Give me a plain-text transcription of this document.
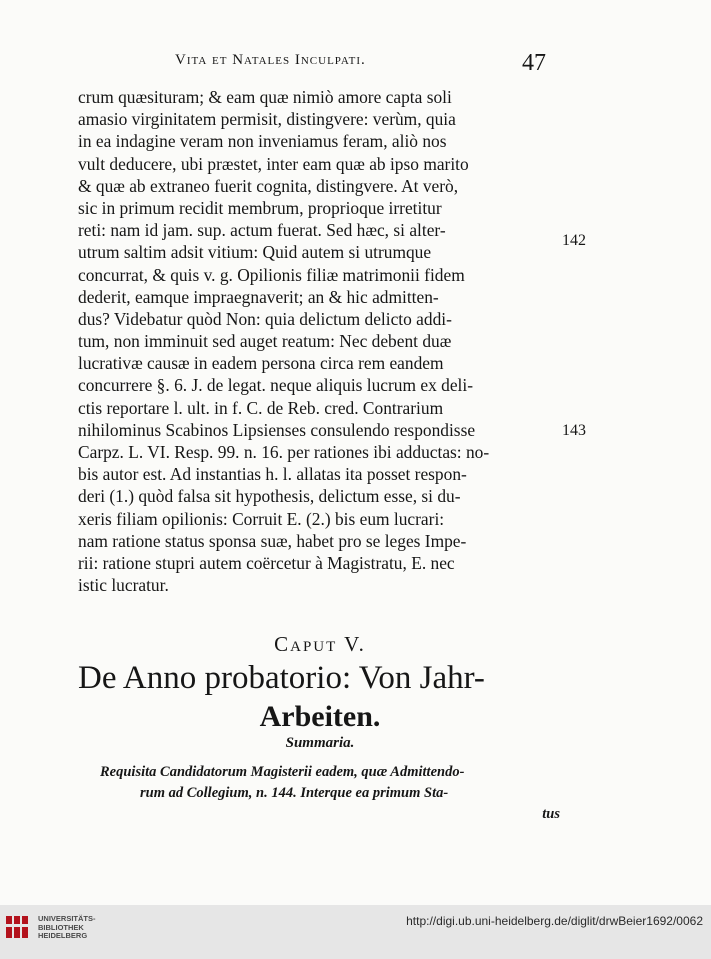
Vita et Natales Inculpati.	47
crum quæsituram; & eam quæ nimiò amore capta soli
amasio virginitatem permisit, distingvere: verùm, quia
in ea indagine veram non inveniamus feram, aliò nos
vult deducere, ubi præstet, inter eam quæ ab ipso marito
& quæ ab extraneo fuerit cognita, distingvere. At verò,
sic in primum recidit membrum, proprioque irretitur
reti: nam id jam. sup. actum fuerat. Sed hæc, si alter-
utrum saltim adsit vitium: Quid autem si utrumque
concurrat, & quis v. g. Opilionis filiæ matrimonii fidem
dederit, eamque impraegnaverit; an & hic admitten-
dus? Videbatur quòd Non: quia delictum delicto addi-
tum, non imminuit sed auget reatum: Nec debent duæ
lucrativæ causæ in eadem persona circa rem eandem
concurrere §. 6. J. de legat. neque aliquis lucrum ex deli-
ctis reportare l. ult. in f. C. de Reb. cred. Contrarium
nihilominus Scabinos Lipsienses consulendo respondisse
Carpz. L. VI. Resp. 99. n. 16. per rationes ibi adductas: no-
bis autor est. Ad instantias h. l. allatas ita posset respon-
deri (1.) quòd falsa sit hypothesis, delictum esse, si du-
xeris filiam opilionis: Corruit E. (2.) bis eum lucrari:
nam ratione status sponsa suæ, habet pro se leges Impe-
rii: ratione stupri autem coërcetur à Magistratu, E. nec
istic lucratur.
142
143
Caput V.
De Anno probatorio: Von Jahr-
Arbeiten.
Summaria.
Requisita Candidatorum Magisterii eadem, quæ Admittendo-
rum ad Collegium, n. 144. Interque ea primum Sta-
tus
UNIVERSITÄTS-
BIBLIOTHEK
HEIDELBERG
http://digi.ub.uni-heidelberg.de/diglit/drwBeier1692/0062
